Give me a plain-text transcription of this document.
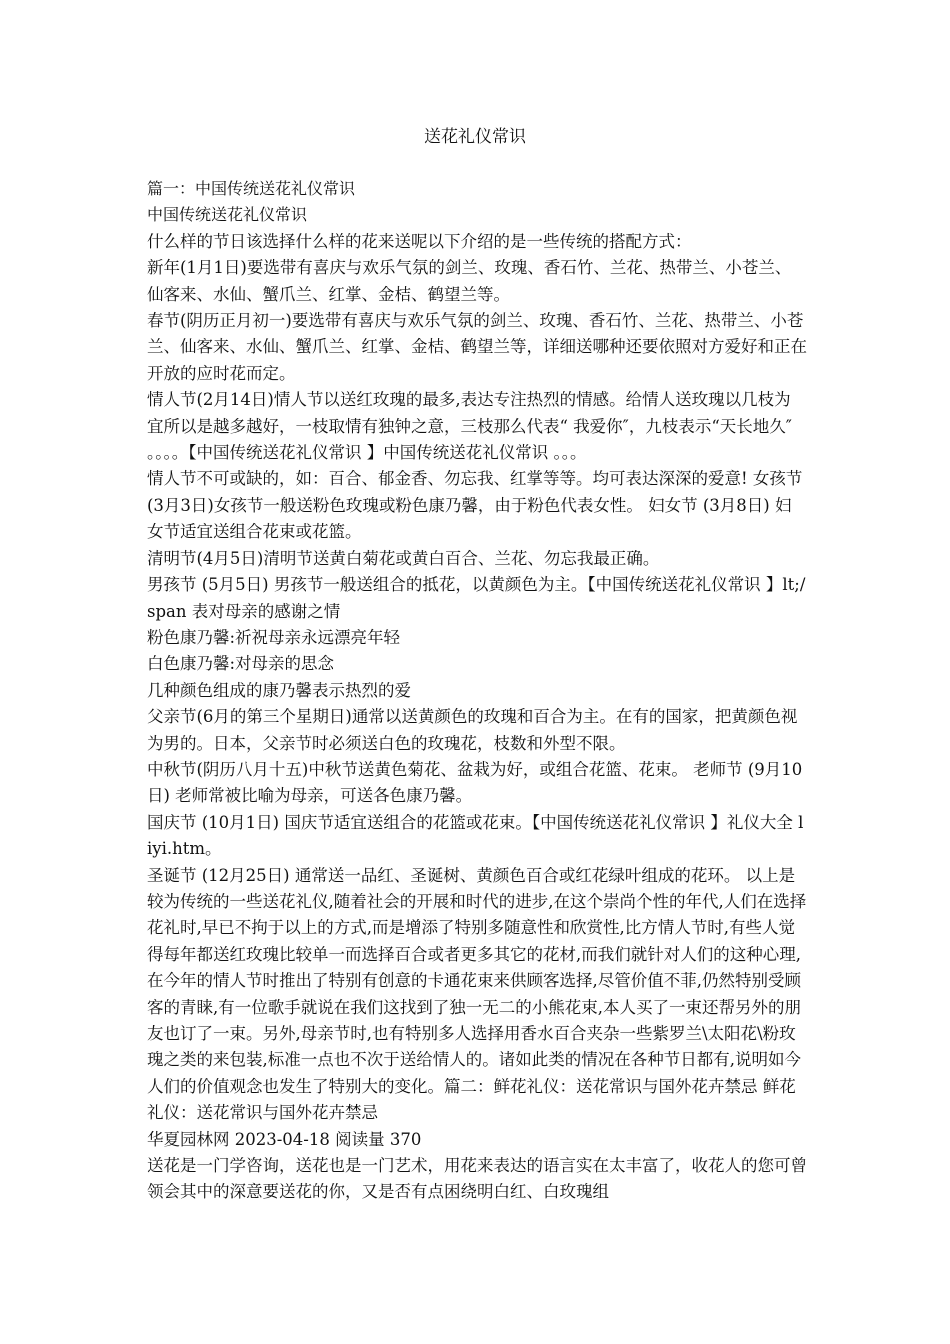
送花礼仪常识

篇一：中国传统送花礼仪常识

中国传统送花礼仪常识

什么样的节日该选择什么样的花来送呢以下介绍的是一些传统的搭配方式：

新年(1月1日)要选带有喜庆与欢乐气氛的剑兰、玫瑰、香石竹、兰花、热带兰、小苍兰、仙客来、水仙、蟹爪兰、红掌、金桔、鹤望兰等。

春节(阴历正月初一)要选带有喜庆与欢乐气氛的剑兰、玫瑰、香石竹、兰花、热带兰、小苍兰、仙客来、水仙、蟹爪兰、红掌、金桔、鹤望兰等，详细送哪种还要依照对方爱好和正在开放的应时花而定。

情人节(2月14日)情人节以送红玫瑰的最多,表达专注热烈的情感。给情人送玫瑰以几枝为宜所以是越多越好，一枝取情有独钟之意，三枝那么代表“ 我爱你″，九枝表示“天长地久″ 。。。。【中国传统送花礼仪常识 】中国传统送花礼仪常识 。。。

情人节不可或缺的，如：百合、郁金香、勿忘我、红掌等等。均可表达深深的爱意! 女孩节(3月3日)女孩节一般送粉色玫瑰或粉色康乃馨，由于粉色代表女性。 妇女节 (3月8日) 妇女节适宜送组合花束或花篮。

清明节(4月5日)清明节送黄白菊花或黄白百合、兰花、勿忘我最正确。

男孩节 (5月5日) 男孩节一般送组合的抵花，以黄颜色为主。【中国传统送花礼仪常识 】lt;/span 表对母亲的感谢之情

粉色康乃馨:祈祝母亲永远漂亮年轻

白色康乃馨:对母亲的思念

几种颜色组成的康乃馨表示热烈的爱

父亲节(6月的第三个星期日)通常以送黄颜色的玫瑰和百合为主。在有的国家，把黄颜色视为男的。日本，父亲节时必须送白色的玫瑰花，枝数和外型不限。

中秋节(阴历八月十五)中秋节送黄色菊花、盆栽为好，或组合花篮、花束。 老师节 (9月10日) 老师常被比喻为母亲，可送各色康乃馨。

国庆节 (10月1日) 国庆节适宜送组合的花篮或花束。【中国传统送花礼仪常识 】礼仪大全 liyi.htm。

圣诞节 (12月25日) 通常送一品红、圣诞树、黄颜色百合或红花绿叶组成的花环。 以上是较为传统的一些送花礼仪,随着社会的开展和时代的进步,在这个崇尚个性的年代,人们在选择花礼时,早已不拘于以上的方式,而是增添了特别多随意性和欣赏性,比方情人节时,有些人觉得每年都送红玫瑰比较单一而选择百合或者更多其它的花材,而我们就针对人们的这种心理,在今年的情人节时推出了特别有创意的卡通花束来供顾客选择,尽管价值不菲,仍然特别受顾客的青睐,有一位歌手就说在我们这找到了独一无二的小熊花束,本人买了一束还帮另外的朋友也订了一束。另外,母亲节时,也有特别多人选择用香水百合夹杂一些紫罗兰\太阳花\粉玫瑰之类的来包装,标准一点也不次于送给情人的。诸如此类的情况在各种节日都有,说明如今人们的价值观念也发生了特别大的变化。篇二：鲜花礼仪：送花常识与国外花卉禁忌 鲜花礼仪：送花常识与国外花卉禁忌

华夏园林网 2023-04-18 阅读量 370

送花是一门学咨询，送花也是一门艺术，用花来表达的语言实在太丰富了，收花人的您可曾领会其中的深意要送花的你，又是否有点困绕明白红、白玫瑰组
